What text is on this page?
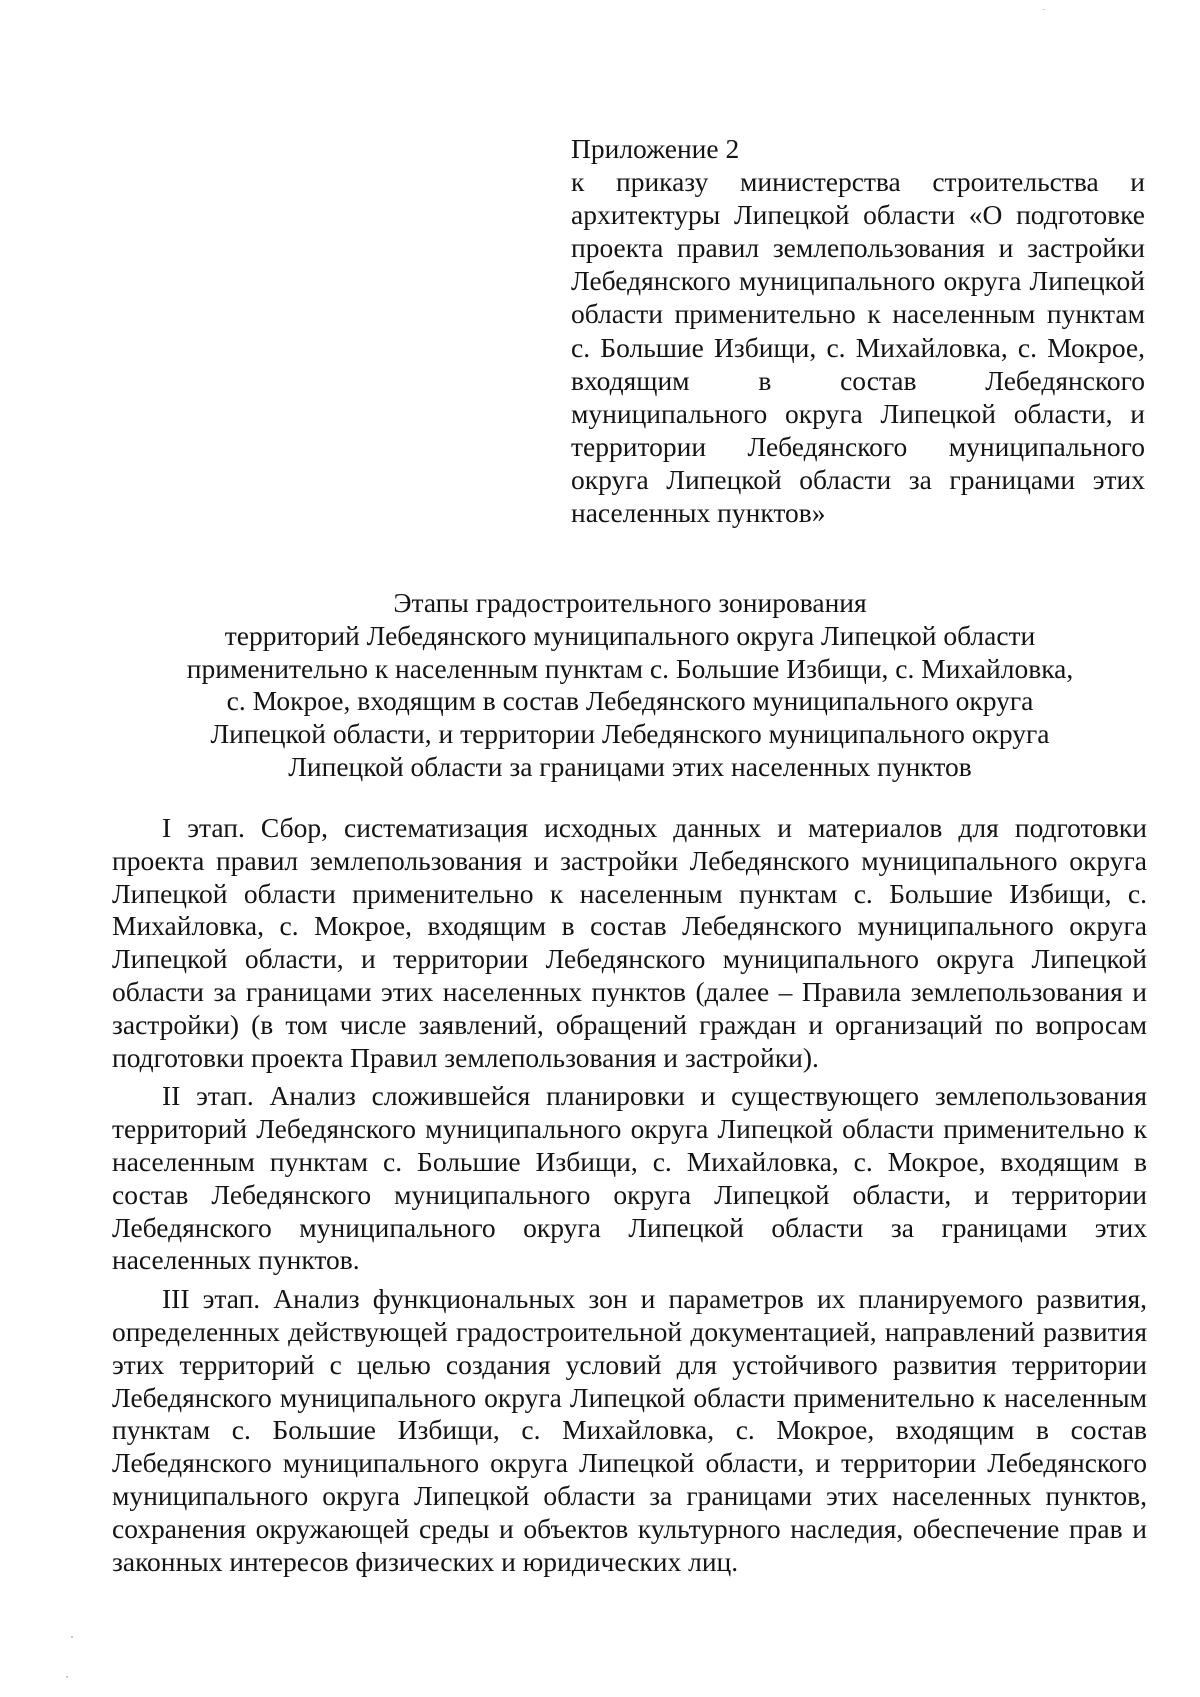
Приложение 2
к приказу министерства строительства и архитектуры Липецкой области «О подготовке проекта правил землепользования и застройки Лебедянского муниципального округа Липецкой области применительно к населенным пунктам с. Большие Избищи, с. Михайловка, с. Мокрое, входящим в состав Лебедянского муниципального округа Липецкой области, и территории Лебедянского муниципального округа Липецкой области за границами этих населенных пунктов»
Этапы градостроительного зонирования
территорий Лебедянского муниципального округа Липецкой области
применительно к населенным пунктам с. Большие Избищи, с. Михайловка,
с. Мокрое, входящим в состав Лебедянского муниципального округа
Липецкой области, и территории Лебедянского муниципального округа
Липецкой области за границами этих населенных пунктов

I этап. Сбор, систематизация исходных данных и материалов для подготовки проекта правил землепользования и застройки Лебедянского муниципального округа Липецкой области применительно к населенным пунктам с. Большие Избищи, с. Михайловка, с. Мокрое, входящим в состав Лебедянского муниципального округа Липецкой области, и территории Лебедянского муниципального округа Липецкой области за границами этих населенных пунктов (далее – Правила землепользования и застройки) (в том числе заявлений, обращений граждан и организаций по вопросам подготовки проекта Правил землепользования и застройки).

II этап. Анализ сложившейся планировки и существующего землепользования территорий Лебедянского муниципального округа Липецкой области применительно к населенным пунктам с. Большие Избищи, с. Михайловка, с. Мокрое, входящим в состав Лебедянского муниципального округа Липецкой области, и территории Лебедянского муниципального округа Липецкой области за границами этих населенных пунктов.

III этап. Анализ функциональных зон и параметров их планируемого развития, определенных действующей градостроительной документацией, направлений развития этих территорий с целью создания условий для устойчивого развития территории Лебедянского муниципального округа Липецкой области применительно к населенным пунктам с. Большие Избищи, с. Михайловка, с. Мокрое, входящим в состав Лебедянского муниципального округа Липецкой области, и территории Лебедянского муниципального округа Липецкой области за границами этих населенных пунктов, сохранения окружающей среды и объектов культурного наследия, обеспечение прав и законных интересов физических и юридических лиц.
